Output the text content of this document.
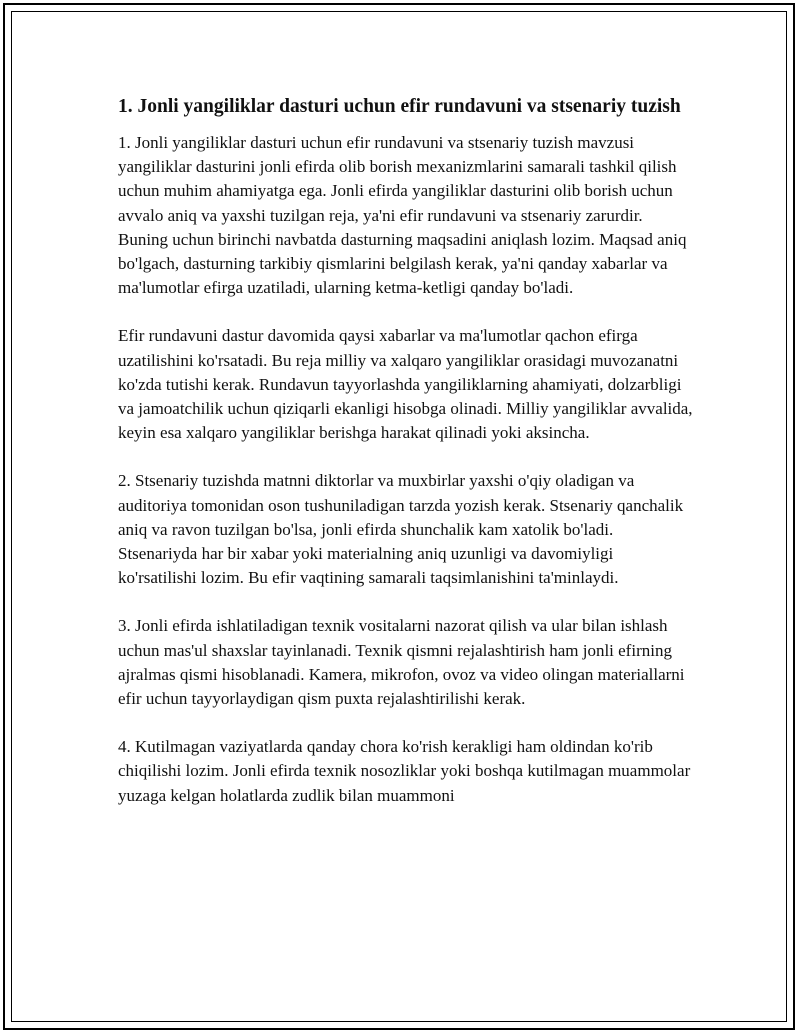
1. Jonli yangiliklar dasturi uchun efir rundavuni va stsenariy tuzish

1. Jonli yangiliklar dasturi uchun efir rundavuni va stsenariy tuzish mavzusi yangiliklar dasturini jonli efirda olib borish mexanizmlarini samarali tashkil qilish uchun muhim ahamiyatga ega. Jonli efirda yangiliklar dasturini olib borish uchun avvalo aniq va yaxshi tuzilgan reja, ya'ni efir rundavuni va stsenariy zarurdir. Buning uchun birinchi navbatda dasturning maqsadini aniqlash lozim. Maqsad aniq bo'lgach, dasturning tarkibiy qismlarini belgilash kerak, ya'ni qanday xabarlar va ma'lumotlar efirga uzatiladi, ularning ketma-ketligi qanday bo'ladi.

Efir rundavuni dastur davomida qaysi xabarlar va ma'lumotlar qachon efirga uzatilishini ko'rsatadi. Bu reja milliy va xalqaro yangiliklar orasidagi muvozanatni ko'zda tutishi kerak. Rundavun tayyorlashda yangiliklarning ahamiyati, dolzarbligi va jamoatchilik uchun qiziqarli ekanligi hisobga olinadi. Milliy yangiliklar avvalida, keyin esa xalqaro yangiliklar berishga harakat qilinadi yoki aksincha.

2. Stsenariy tuzishda matnni diktorlar va muxbirlar yaxshi o'qiy oladigan va auditoriya tomonidan oson tushuniladigan tarzda yozish kerak. Stsenariy qanchalik aniq va ravon tuzilgan bo'lsa, jonli efirda shunchalik kam xatolik bo'ladi. Stsenariyda har bir xabar yoki materialning aniq uzunligi va davomiyligi ko'rsatilishi lozim. Bu efir vaqtining samarali taqsimlanishini ta'minlaydi.

3. Jonli efirda ishlatiladigan texnik vositalarni nazorat qilish va ular bilan ishlash uchun mas'ul shaxslar tayinlanadi. Texnik qismni rejalashtirish ham jonli efirning ajralmas qismi hisoblanadi. Kamera, mikrofon, ovoz va video olingan materiallarni efir uchun tayyorlaydigan qism puxta rejalashtirilishi kerak.

4. Kutilmagan vaziyatlarda qanday chora ko'rish kerakligi ham oldindan ko'rib chiqilishi lozim. Jonli efirda texnik nosozliklar yoki boshqa kutilmagan muammolar yuzaga kelgan holatlarda zudlik bilan muammoni
